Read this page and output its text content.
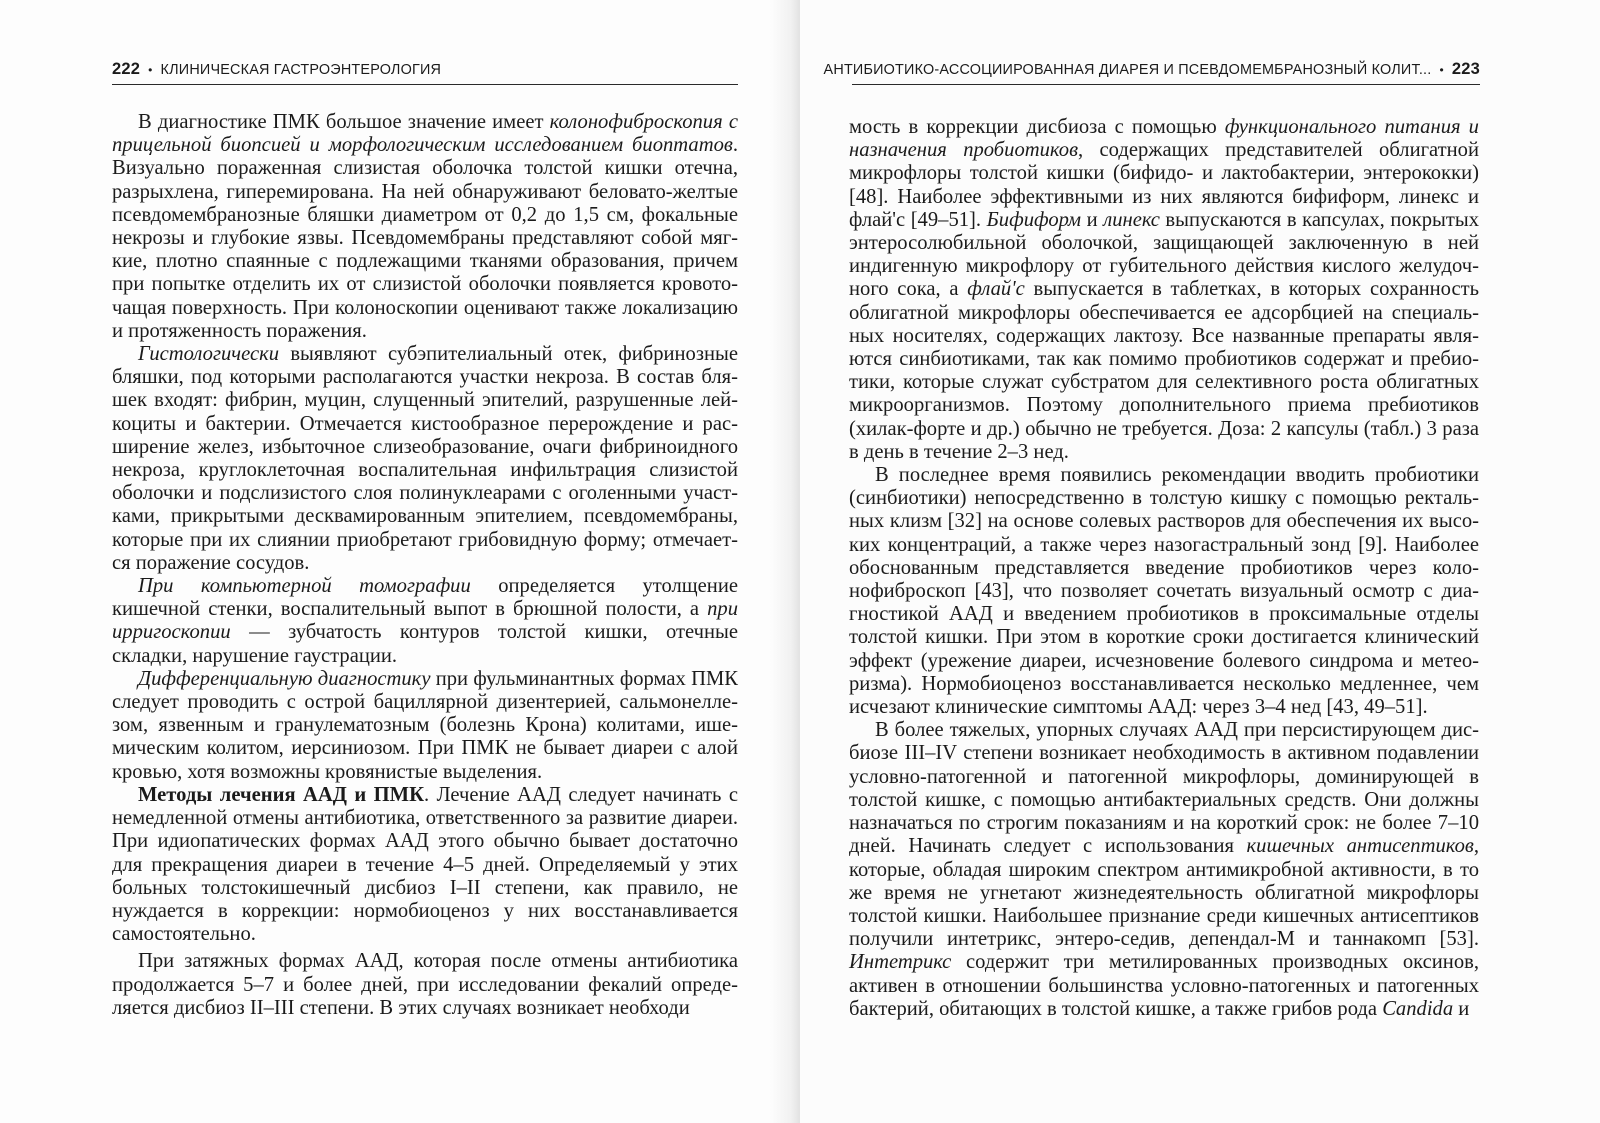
222 • КЛИНИЧЕСКАЯ ГАСТРОЭНТЕРОЛОГИЯ

В диагностике ПМК большое значение имеет колонофиброскопия с прицельной биопсией и морфологическим исследованием биоптатов. Визуально пораженная слизистая оболочка толстой кишки отечна, разрыхлена, гиперемирована. На ней обнаруживают беловато-желтые псевдомембранозные бляшки диаметром от 0,2 до 1,5 см, фокальные некрозы и глубокие язвы. Псевдомембраны представляют собой мягкие, плотно спаянные с подлежащими тканями образования, причем при попытке отделить их от слизистой оболочки появляется кровоточащая поверхность. При колоноскопии оценивают также локализацию и протяженность поражения.

Гистологически выявляют субэпителиальный отек, фибринозные бляшки, под которыми располагаются участки некроза. В состав бляшек входят: фибрин, муцин, слущенный эпителий, разрушенные лейкоциты и бактерии. Отмечается кистообразное перерождение и расширение желез, избыточное слизеобразование, очаги фибриноидного некроза, круглоклеточная воспалительная инфильтрация слизистой оболочки и подслизистого слоя полинуклеарами с оголенными участками, прикрытыми десквамированным эпителием, псевдомембраны, которые при их слиянии приобретают грибовидную форму; отмечается поражение сосудов.

При компьютерной томографии определяется утолщение кишечной стенки, воспалительный выпот в брюшной полости, а при ирригоскопии — зубчатость контуров толстой кишки, отечные складки, нарушение гаустрации.

Дифференциальную диагностику при фульминантных формах ПМК следует проводить с острой бациллярной дизентерией, сальмонеллезом, язвенным и гранулематозным (болезнь Крона) колитами, ишемическим колитом, иерсиниозом. При ПМК не бывает диареи с алой кровью, хотя возможны кровянистые выделения.

Методы лечения ААД и ПМК. Лечение ААД следует начинать с немедленной отмены антибиотика, ответственного за развитие диареи. При идиопатических формах ААД этого обычно бывает достаточно для прекращения диареи в течение 4–5 дней. Определяемый у этих больных толстокишечный дисбиоз I–II степени, как правило, не нуждается в коррекции: нормобиоценоз у них восстанавливается самостоятельно.

При затяжных формах ААД, которая после отмены антибиотика продолжается 5–7 и более дней, при исследовании фекалий определяется дисбиоз II–III степени. В этих случаях возникает необходи

АНТИБИОТИКО-АССОЦИИРОВАННАЯ ДИАРЕЯ И ПСЕВДОМЕМБРАНОЗНЫЙ КОЛИТ... • 223

мость в коррекции дисбиоза с помощью функционального питания и назначения пробиотиков, содержащих представителей облигатной микрофлоры толстой кишки (бифидо- и лактобактерии, энтерококки) [48]. Наиболее эффективными из них являются бифиформ, линекс и флай'с [49–51]. Бифиформ и линекс выпускаются в капсулах, покрытых энтеросолюбильной оболочкой, защищающей заключенную в ней индигенную микрофлору от губительного действия кислого желудочного сока, а флай'с выпускается в таблетках, в которых сохранность облигатной микрофлоры обеспечивается ее адсорбцией на специальных носителях, содержащих лактозу. Все названные препараты являются синбиотиками, так как помимо пробиотиков содержат и пребиотики, которые служат субстратом для селективного роста облигатных микроорганизмов. Поэтому дополнительного приема пребиотиков (хилак-форте и др.) обычно не требуется. Доза: 2 капсулы (табл.) 3 раза в день в течение 2–3 нед.

В последнее время появились рекомендации вводить пробиотики (синбиотики) непосредственно в толстую кишку с помощью ректальных клизм [32] на основе солевых растворов для обеспечения их высоких концентраций, а также через назогастральный зонд [9]. Наиболее обоснованным представляется введение пробиотиков через колонофиброскоп [43], что позволяет сочетать визуальный осмотр с диагностикой ААД и введением пробиотиков в проксимальные отделы толстой кишки. При этом в короткие сроки достигается клинический эффект (урежение диареи, исчезновение болевого синдрома и метеоризма). Нормобиоценоз восстанавливается несколько медленнее, чем исчезают клинические симптомы ААД: через 3–4 нед [43, 49–51].

В более тяжелых, упорных случаях ААД при персистирующем дисбиозе III–IV степени возникает необходимость в активном подавлении условно-патогенной и патогенной микрофлоры, доминирующей в толстой кишке, с помощью антибактериальных средств. Они должны назначаться по строгим показаниям и на короткий срок: не более 7–10 дней. Начинать следует с использования кишечных антисептиков, которые, обладая широким спектром антимикробной активности, в то же время не угнетают жизнедеятельность облигатной микрофлоры толстой кишки. Наибольшее признание среди кишечных антисептиков получили интетрикс, энтеро-седив, депендал-М и таннакомп [53]. Интетрикс содержит три метилированных производных оксинов, активен в отношении большинства условно-патогенных и патогенных бактерий, обитающих в толстой кишке, а также грибов рода Candida и
